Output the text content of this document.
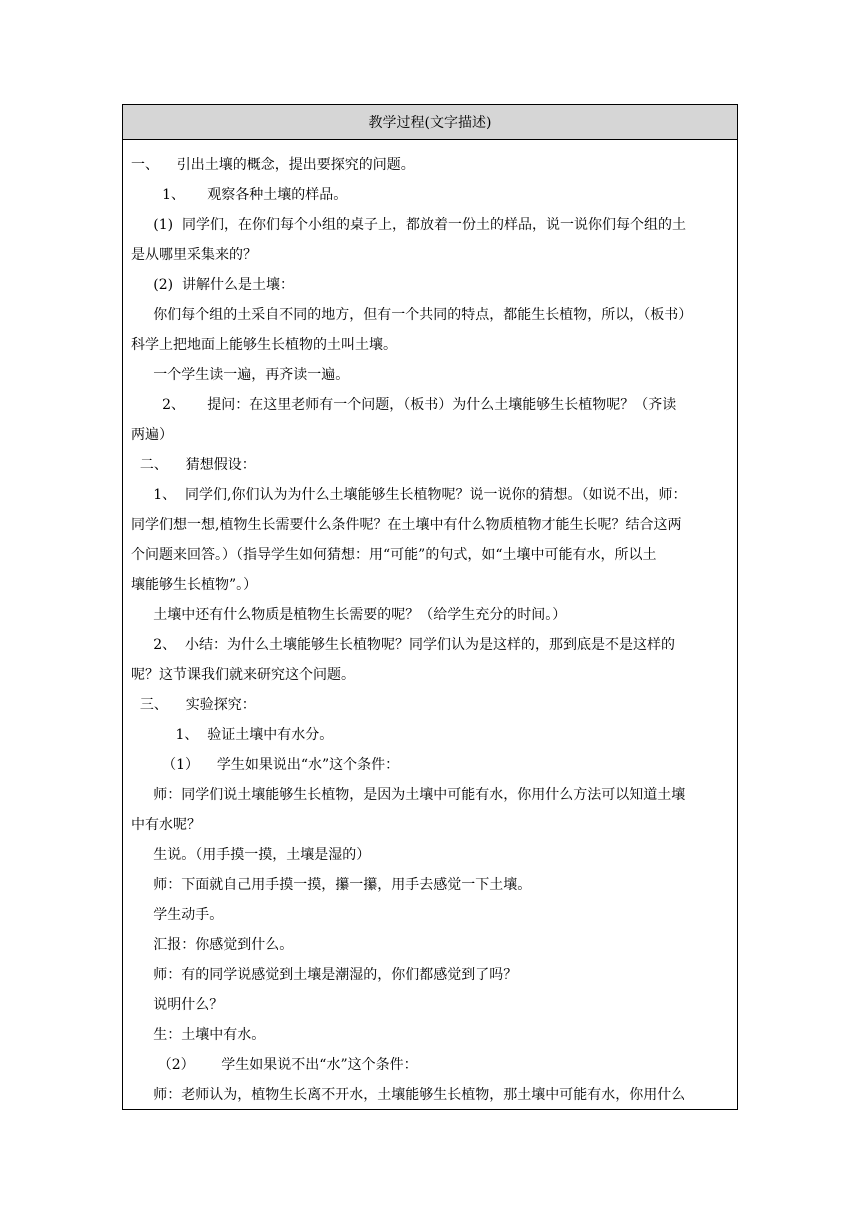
教学过程(文字描述)
一、    引出土壤的概念，提出要探究的问题。
1、     观察各种土壤的样品。
(1)  同学们，在你们每个小组的桌子上，都放着一份土的样品，说一说你们每个组的土
是从哪里采集来的？
(2)  讲解什么是土壤：
你们每个组的土采自不同的地方，但有一个共同的特点，都能生长植物，所以，（板书）
科学上把地面上能够生长植物的土叫土壤。
一个学生读一遍，再齐读一遍。
2、     提问：在这里老师有一个问题，（板书）为什么土壤能够生长植物呢？（齐读
两遍）
二、    猜想假设：
1、  同学们,你们认为为什么土壤能够生长植物呢？说一说你的猜想。（如说不出，师：
同学们想一想,植物生长需要什么条件呢？在土壤中有什么物质植物才能生长呢？结合这两
个问题来回答。）（指导学生如何猜想：用“可能”的句式，如“土壤中可能有水，所以土
壤能够生长植物”。）
土壤中还有什么物质是植物生长需要的呢？（给学生充分的时间。）
2、  小结：为什么土壤能够生长植物呢？同学们认为是这样的，那到底是不是这样的
呢？这节课我们就来研究这个问题。
三、    实验探究：
1、  验证土壤中有水分。
（1）    学生如果说出“水”这个条件：
师：同学们说土壤能够生长植物，是因为土壤中可能有水，你用什么方法可以知道土壤
中有水呢？
生说。（用手摸一摸，土壤是湿的）
师：下面就自己用手摸一摸，攥一攥，用手去感觉一下土壤。
学生动手。
汇报：你感觉到什么。
师：有的同学说感觉到土壤是潮湿的，你们都感觉到了吗？
说明什么？
生：土壤中有水。
（2）      学生如果说不出“水”这个条件：
师：老师认为，植物生长离不开水，土壤能够生长植物，那土壤中可能有水，你用什么
